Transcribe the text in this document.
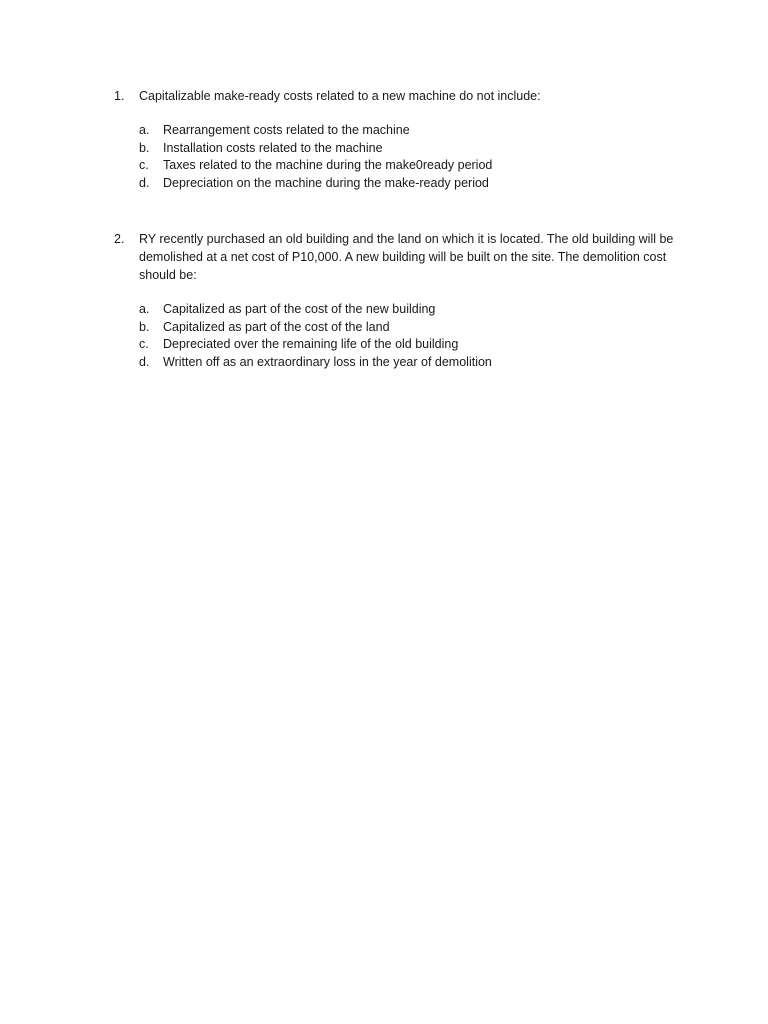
1.	Capitalizable make-ready costs related to a new machine do not include:
a.	Rearrangement costs related to the machine
b.	Installation costs related to the machine
c.	Taxes related to the machine during the make0ready period
d.	Depreciation on the machine during the make-ready period
2.	RY recently purchased an old building and the land on which it is located. The old building will be demolished at a net cost of P10,000. A new building will be built on the site. The demolition cost should be:
a.	Capitalized as part of the cost of the new building
b.	Capitalized as part of the cost of the land
c.	Depreciated over the remaining life of the old building
d.	Written off as an extraordinary loss in the year of demolition
